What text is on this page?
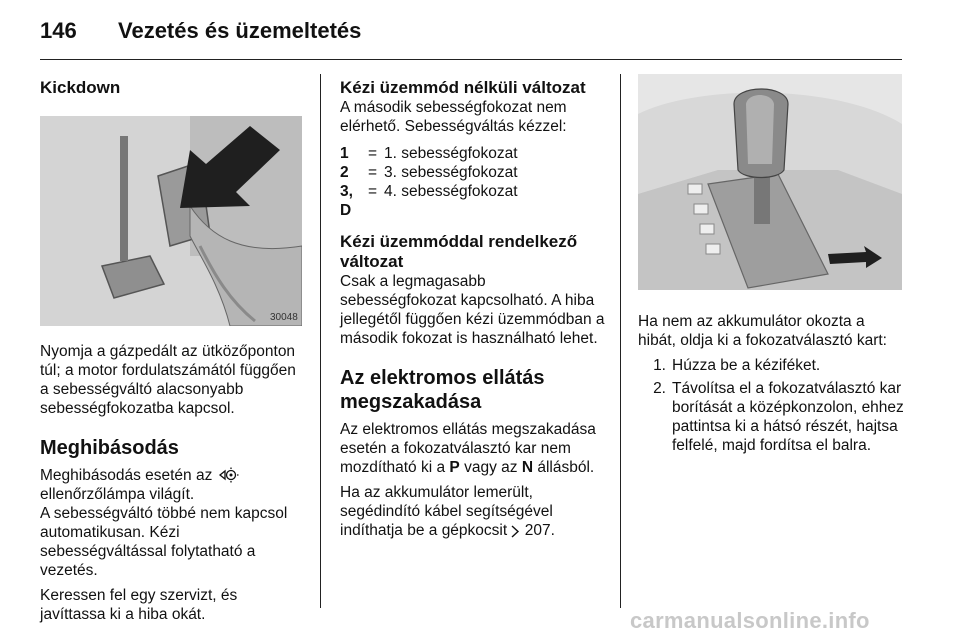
146 Vezetés és üzemeltetés
Kickdown
30048

Nyomja a gázpedált az ütközőponton túl; a motor fordulatszámától függően a sebességváltó alacsonyabb sebességfokozatba kapcsol.

Meghibásodás

Meghibásodás esetén az
ellenőrzőlámpa világít.

A sebességváltó többé nem kapcsol automatikusan. Kézi sebességváltással folytatható a vezetés.

Keressen fel egy szervizt, és javíttassa ki a hiba okát.

Kézi üzemmód nélküli változat

A második sebességfokozat nem elérhető. Sebességváltás kézzel:

1	= 1. sebességfokozat
2	= 3. sebességfokozat
3, D
= 4. sebességfokozat
Kézi üzemmóddal rendelkező változat

Csak a legmagasabb sebességfokozat kapcsolható. A hiba jellegétől függően kézi üzemmódban a második fokozat is használható lehet.

Az elektromos ellátás megszakadása

Az elektromos ellátás megszakadása esetén a fokozatválasztó kar nem mozdítható ki a P vagy az N állásból.

Ha az akkumulátor lemerült, segédindító kábel segítségével indíthatja be a gépkocsit 207.

Ha nem az akkumulátor okozta a hibát, oldja ki a fokozatválasztó kart:

1. Húzza be a kéziféket.
2. Távolítsa el a fokozatválasztó kar borítását a középkonzolon, ehhez pattintsa ki a hátsó részét, hajtsa felfelé, majd fordítsa el balra.
carmanualsonline.info
